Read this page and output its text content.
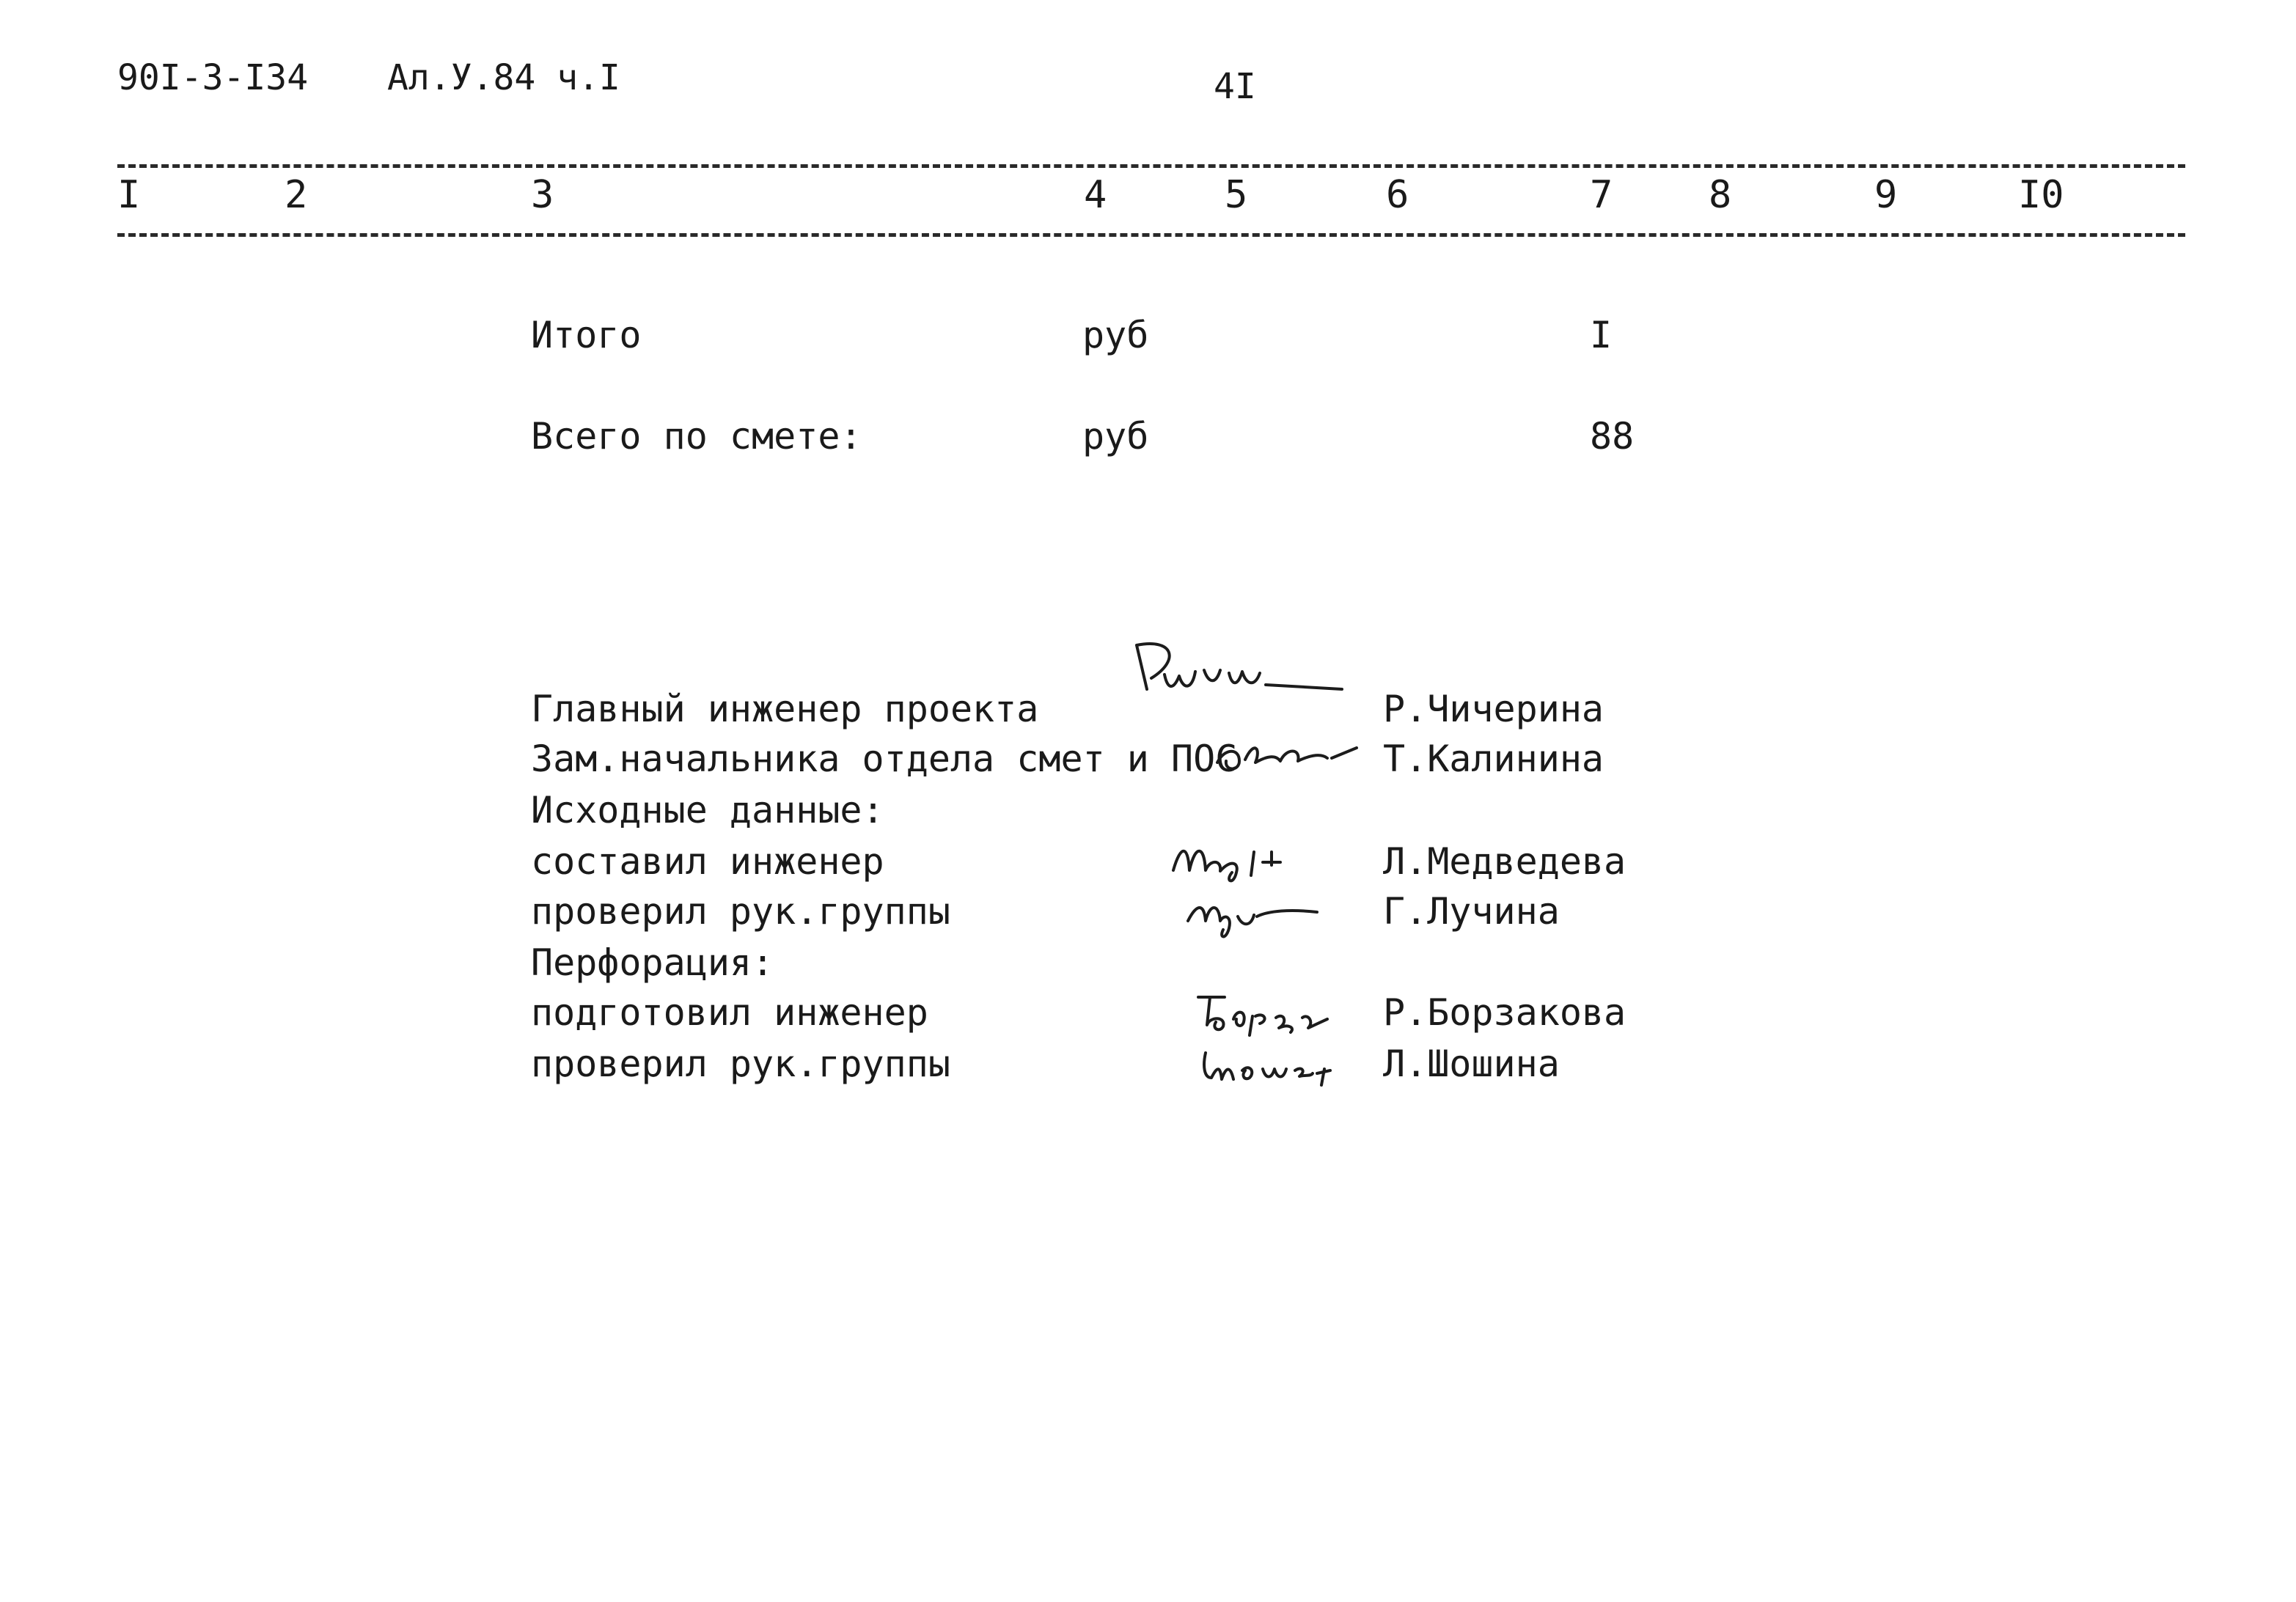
90I-3-I34 Ал.У.84 ч.I	4I
I	2	3	4	5	6	7	8	9	I0
Итого	руб	I
Всего по смете:	руб	88
Главный инженер проекта	Р.Чичерина
Зам.начальника отдела смет и ПОС	Т.Калинина
Исходные данные:
составил инженер	Л.Медведева
проверил рук.группы	Г.Лучина
Перфорация:
подготовил инженер	Р.Борзакова
проверил рук.группы	Л.Шошина
